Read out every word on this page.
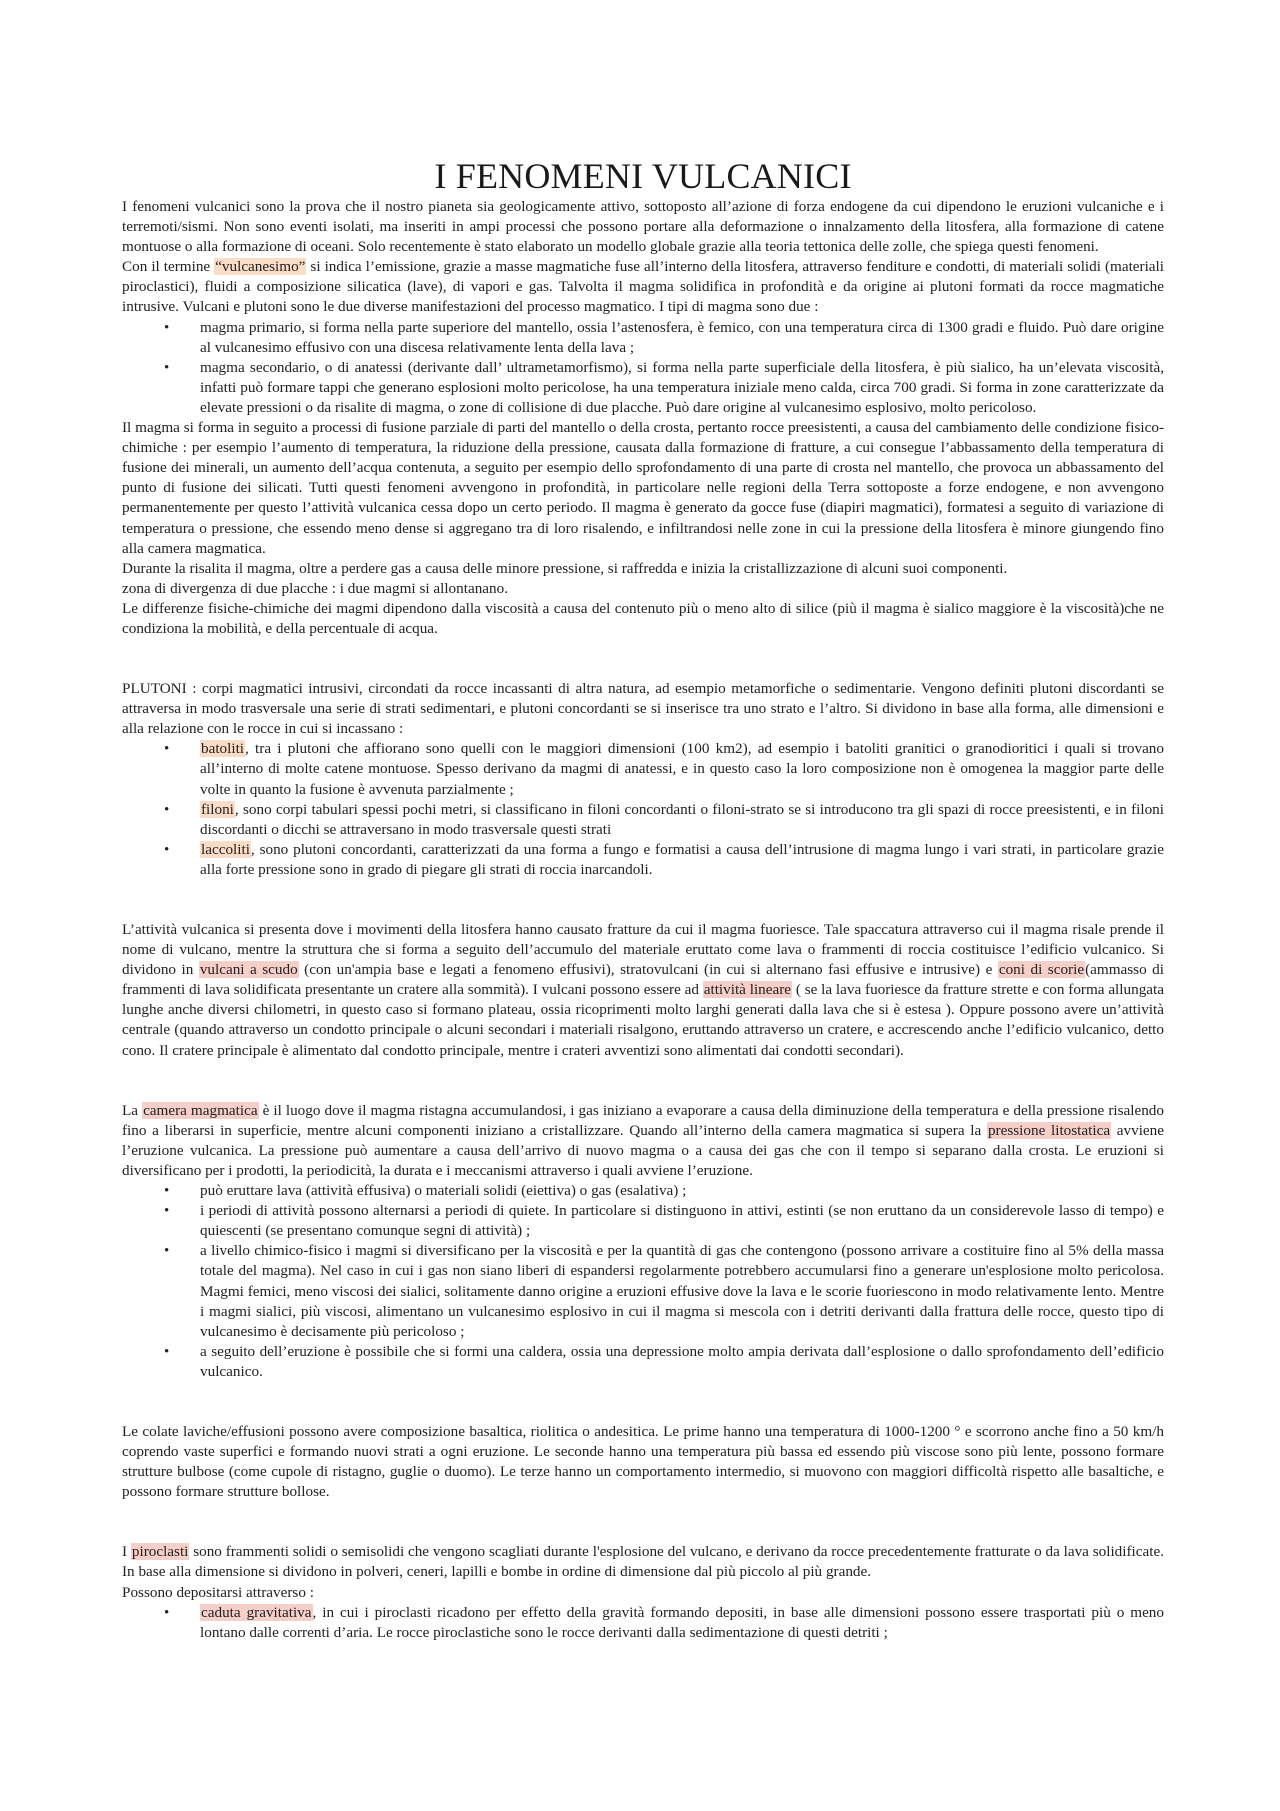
I FENOMENI VULCANICI

I fenomeni vulcanici sono la prova che il nostro pianeta sia geologicamente attivo, sottoposto all’azione di forza endogene da cui dipendono le eruzioni vulcaniche e i terremoti/sismi. Non sono eventi isolati, ma inseriti in ampi processi che possono portare alla deformazione o innalzamento della litosfera, alla formazione di catene montuose o alla formazione di oceani. Solo recentemente è stato elaborato un modello globale grazie alla teoria tettonica delle zolle, che spiega questi fenomeni.

Con il termine “vulcanesimo” si indica l’emissione, grazie a masse magmatiche fuse all’interno della litosfera, attraverso fenditure e condotti, di materiali solidi (materiali piroclastici), fluidi a composizione silicatica (lave), di vapori e gas. Talvolta il magma solidifica in profondità e da origine ai plutoni formati da rocce magmatiche intrusive. Vulcani e plutoni sono le due diverse manifestazioni del processo magmatico. I tipi di magma sono due :

• magma primario, si forma nella parte superiore del mantello, ossia l’astenosfera, è femico, con una temperatura circa di 1300 gradi e fluido. Può dare origine al vulcanesimo effusivo con una discesa relativamente lenta della lava ;
• magma secondario, o di anatessi (derivante dall’ ultrametamorfismo), si forma nella parte superficiale della litosfera, è più sialico, ha un’elevata viscosità, infatti può formare tappi che generano esplosioni molto pericolose, ha una temperatura iniziale meno calda, circa 700 gradi. Si forma in zone caratterizzate da elevate pressioni o da risalite di magma, o zone di collisione di due placche. Può dare origine al vulcanesimo esplosivo, molto pericoloso.

Il magma si forma in seguito a processi di fusione parziale di parti del mantello o della crosta, pertanto rocce preesistenti, a causa del cambiamento delle condizione fisico-chimiche : per esempio l’aumento di temperatura, la riduzione della pressione, causata dalla formazione di fratture, a cui consegue l’abbassamento della temperatura di fusione dei minerali, un aumento dell’acqua contenuta, a seguito per esempio dello sprofondamento di una parte di crosta nel mantello, che provoca un abbassamento del punto di fusione dei silicati. Tutti questi fenomeni avvengono in profondità, in particolare nelle regioni della Terra sottoposte a forze endogene, e non avvengono permanentemente per questo l’attività vulcanica cessa dopo un certo periodo. Il magma è generato da gocce fuse (diapiri magmatici), formatesi a seguito di variazione di temperatura o pressione, che essendo meno dense si aggregano tra di loro risalendo, e infiltrandosi nelle zone in cui la pressione della litosfera è minore giungendo fino alla camera magmatica.

Durante la risalita il magma, oltre a perdere gas a causa delle minore pressione, si raffredda e inizia la cristallizzazione di alcuni suoi componenti.

zona di divergenza di due placche : i due magmi si allontanano.

Le differenze fisiche-chimiche dei magmi dipendono dalla viscosità a causa del contenuto più o meno alto di silice (più il magma è sialico maggiore è la viscosità)che ne condiziona la mobilità, e della percentuale di acqua.

PLUTONI : corpi magmatici intrusivi, circondati da rocce incassanti di altra natura, ad esempio metamorfiche o sedimentarie. Vengono definiti plutoni discordanti se attraversa in modo trasversale una serie di strati sedimentari, e plutoni concordanti se si inserisce tra uno strato e l’altro. Si dividono in base alla forma, alle dimensioni e alla relazione con le rocce in cui si incassano :

• batoliti, tra i plutoni che affiorano sono quelli con le maggiori dimensioni (100 km2), ad esempio i batoliti granitici o granodioritici i quali si trovano all’interno di molte catene montuose. Spesso derivano da magmi di anatessi, e in questo caso la loro composizione non è omogenea la maggior parte delle volte in quanto la fusione è avvenuta parzialmente ;
• filoni, sono corpi tabulari spessi pochi metri, si classificano in filoni concordanti o filoni-strato se si introducono tra gli spazi di rocce preesistenti, e in filoni discordanti o dicchi se attraversano in modo trasversale questi strati
• laccoliti, sono plutoni concordanti, caratterizzati da una forma a fungo e formatisi a causa dell’intrusione di magma lungo i vari strati, in particolare grazie alla forte pressione sono in grado di piegare gli strati di roccia inarcandoli.

L’attività vulcanica si presenta dove i movimenti della litosfera hanno causato fratture da cui il magma fuoriesce. Tale spaccatura attraverso cui il magma risale prende il nome di vulcano, mentre la struttura che si forma a seguito dell’accumulo del materiale eruttato come lava o frammenti di roccia costituisce l’edificio vulcanico. Si dividono in vulcani a scudo (con un'ampia base e legati a fenomeno effusivi), stratovulcani (in cui si alternano fasi effusive e intrusive) e coni di scorie(ammasso di frammenti di lava solidificata presentante un cratere alla sommità). I vulcani possono essere ad attività lineare ( se la lava fuoriesce da fratture strette e con forma allungata lunghe anche diversi chilometri, in questo caso si formano plateau, ossia ricoprimenti molto larghi generati dalla lava che si è estesa ). Oppure possono avere un’attività centrale (quando attraverso un condotto principale o alcuni secondari i materiali risalgono, eruttando attraverso un cratere, e accrescendo anche l’edificio vulcanico, detto cono. Il cratere principale è alimentato dal condotto principale, mentre i crateri avventizi sono alimentati dai condotti secondari).

La camera magmatica è il luogo dove il magma ristagna accumulandosi, i gas iniziano a evaporare a causa della diminuzione della temperatura e della pressione risalendo fino a liberarsi in superficie, mentre alcuni componenti iniziano a cristallizzare. Quando all’interno della camera magmatica si supera la pressione litostatica avviene l’eruzione vulcanica. La pressione può aumentare a causa dell’arrivo di nuovo magma o a causa dei gas che con il tempo si separano dalla crosta. Le eruzioni si diversificano per i prodotti, la periodicità, la durata e i meccanismi attraverso i quali avviene l’eruzione.

• può eruttare lava (attività effusiva) o materiali solidi (eiettiva) o gas (esalativa) ;
• i periodi di attività possono alternarsi a periodi di quiete. In particolare si distinguono in attivi, estinti (se non eruttano da un considerevole lasso di tempo) e quiescenti (se presentano comunque segni di attività) ;
• a livello chimico-fisico i magmi si diversificano per la viscosità e per la quantità di gas che contengono (possono arrivare a costituire fino al 5% della massa totale del magma). Nel caso in cui i gas non siano liberi di espandersi regolarmente potrebbero accumularsi fino a generare un'esplosione molto pericolosa. Magmi femici, meno viscosi dei sialici, solitamente danno origine a eruzioni effusive dove la lava e le scorie fuoriescono in modo relativamente lento. Mentre i magmi sialici, più viscosi, alimentano un vulcanesimo esplosivo in cui il magma si mescola con i detriti derivanti dalla frattura delle rocce, questo tipo di vulcanesimo è decisamente più pericoloso ;
• a seguito dell’eruzione è possibile che si formi una caldera, ossia una depressione molto ampia derivata dall’esplosione o dallo sprofondamento dell’edificio vulcanico.

Le colate laviche/effusioni possono avere composizione basaltica, riolitica o andesitica. Le prime hanno una temperatura di 1000-1200 ° e scorrono anche fino a 50 km/h coprendo vaste superfici e formando nuovi strati a ogni eruzione. Le seconde hanno una temperatura più bassa ed essendo più viscose sono più lente, possono formare strutture bulbose (come cupole di ristagno, guglie o duomo). Le terze hanno un comportamento intermedio, si muovono con maggiori difficoltà rispetto alle basaltiche, e possono formare strutture bollose.

I piroclasti sono frammenti solidi o semisolidi che vengono scagliati durante l'esplosione del vulcano, e derivano da rocce precedentemente fratturate o da lava solidificate. In base alla dimensione si dividono in polveri, ceneri, lapilli e bombe in ordine di dimensione dal più piccolo al più grande.

Possono depositarsi attraverso :

• caduta gravitativa, in cui i piroclasti ricadono per effetto della gravità formando depositi, in base alle dimensioni possono essere trasportati più o meno lontano dalle correnti d’aria. Le rocce piroclastiche sono le rocce derivanti dalla sedimentazione di questi detriti ;
